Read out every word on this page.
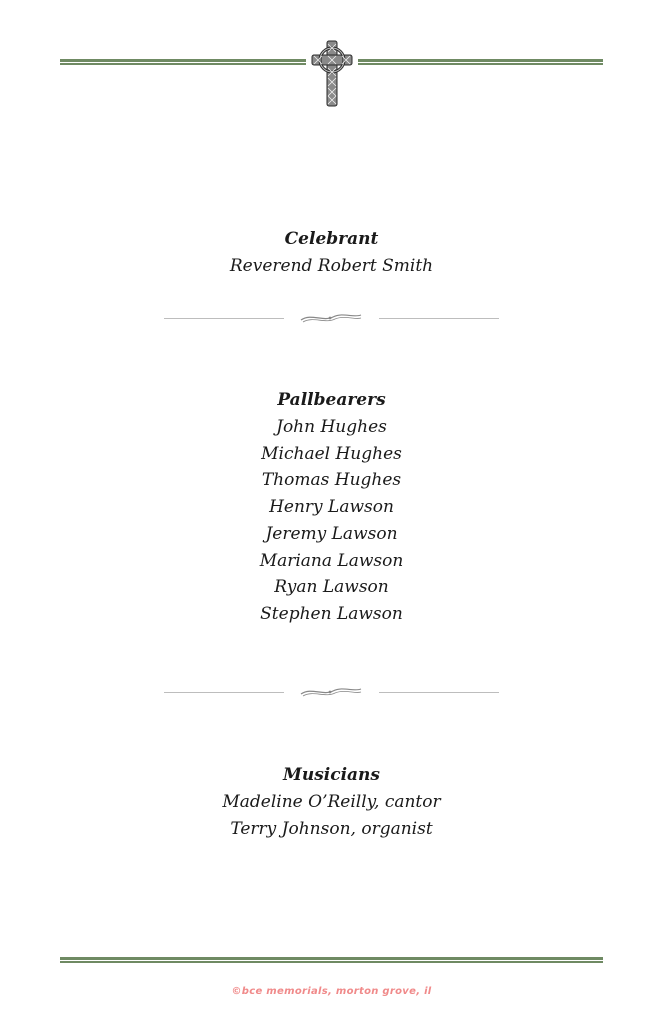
Celebrant
Reverend Robert Smith
Pallbearers
John Hughes
Michael Hughes
Thomas Hughes
Henry Lawson
Jeremy Lawson
Mariana Lawson
Ryan Lawson
Stephen Lawson
Musicians
Madeline O’Reilly, cantor
Terry Johnson, organist
©bce memorials, morton grove, il
